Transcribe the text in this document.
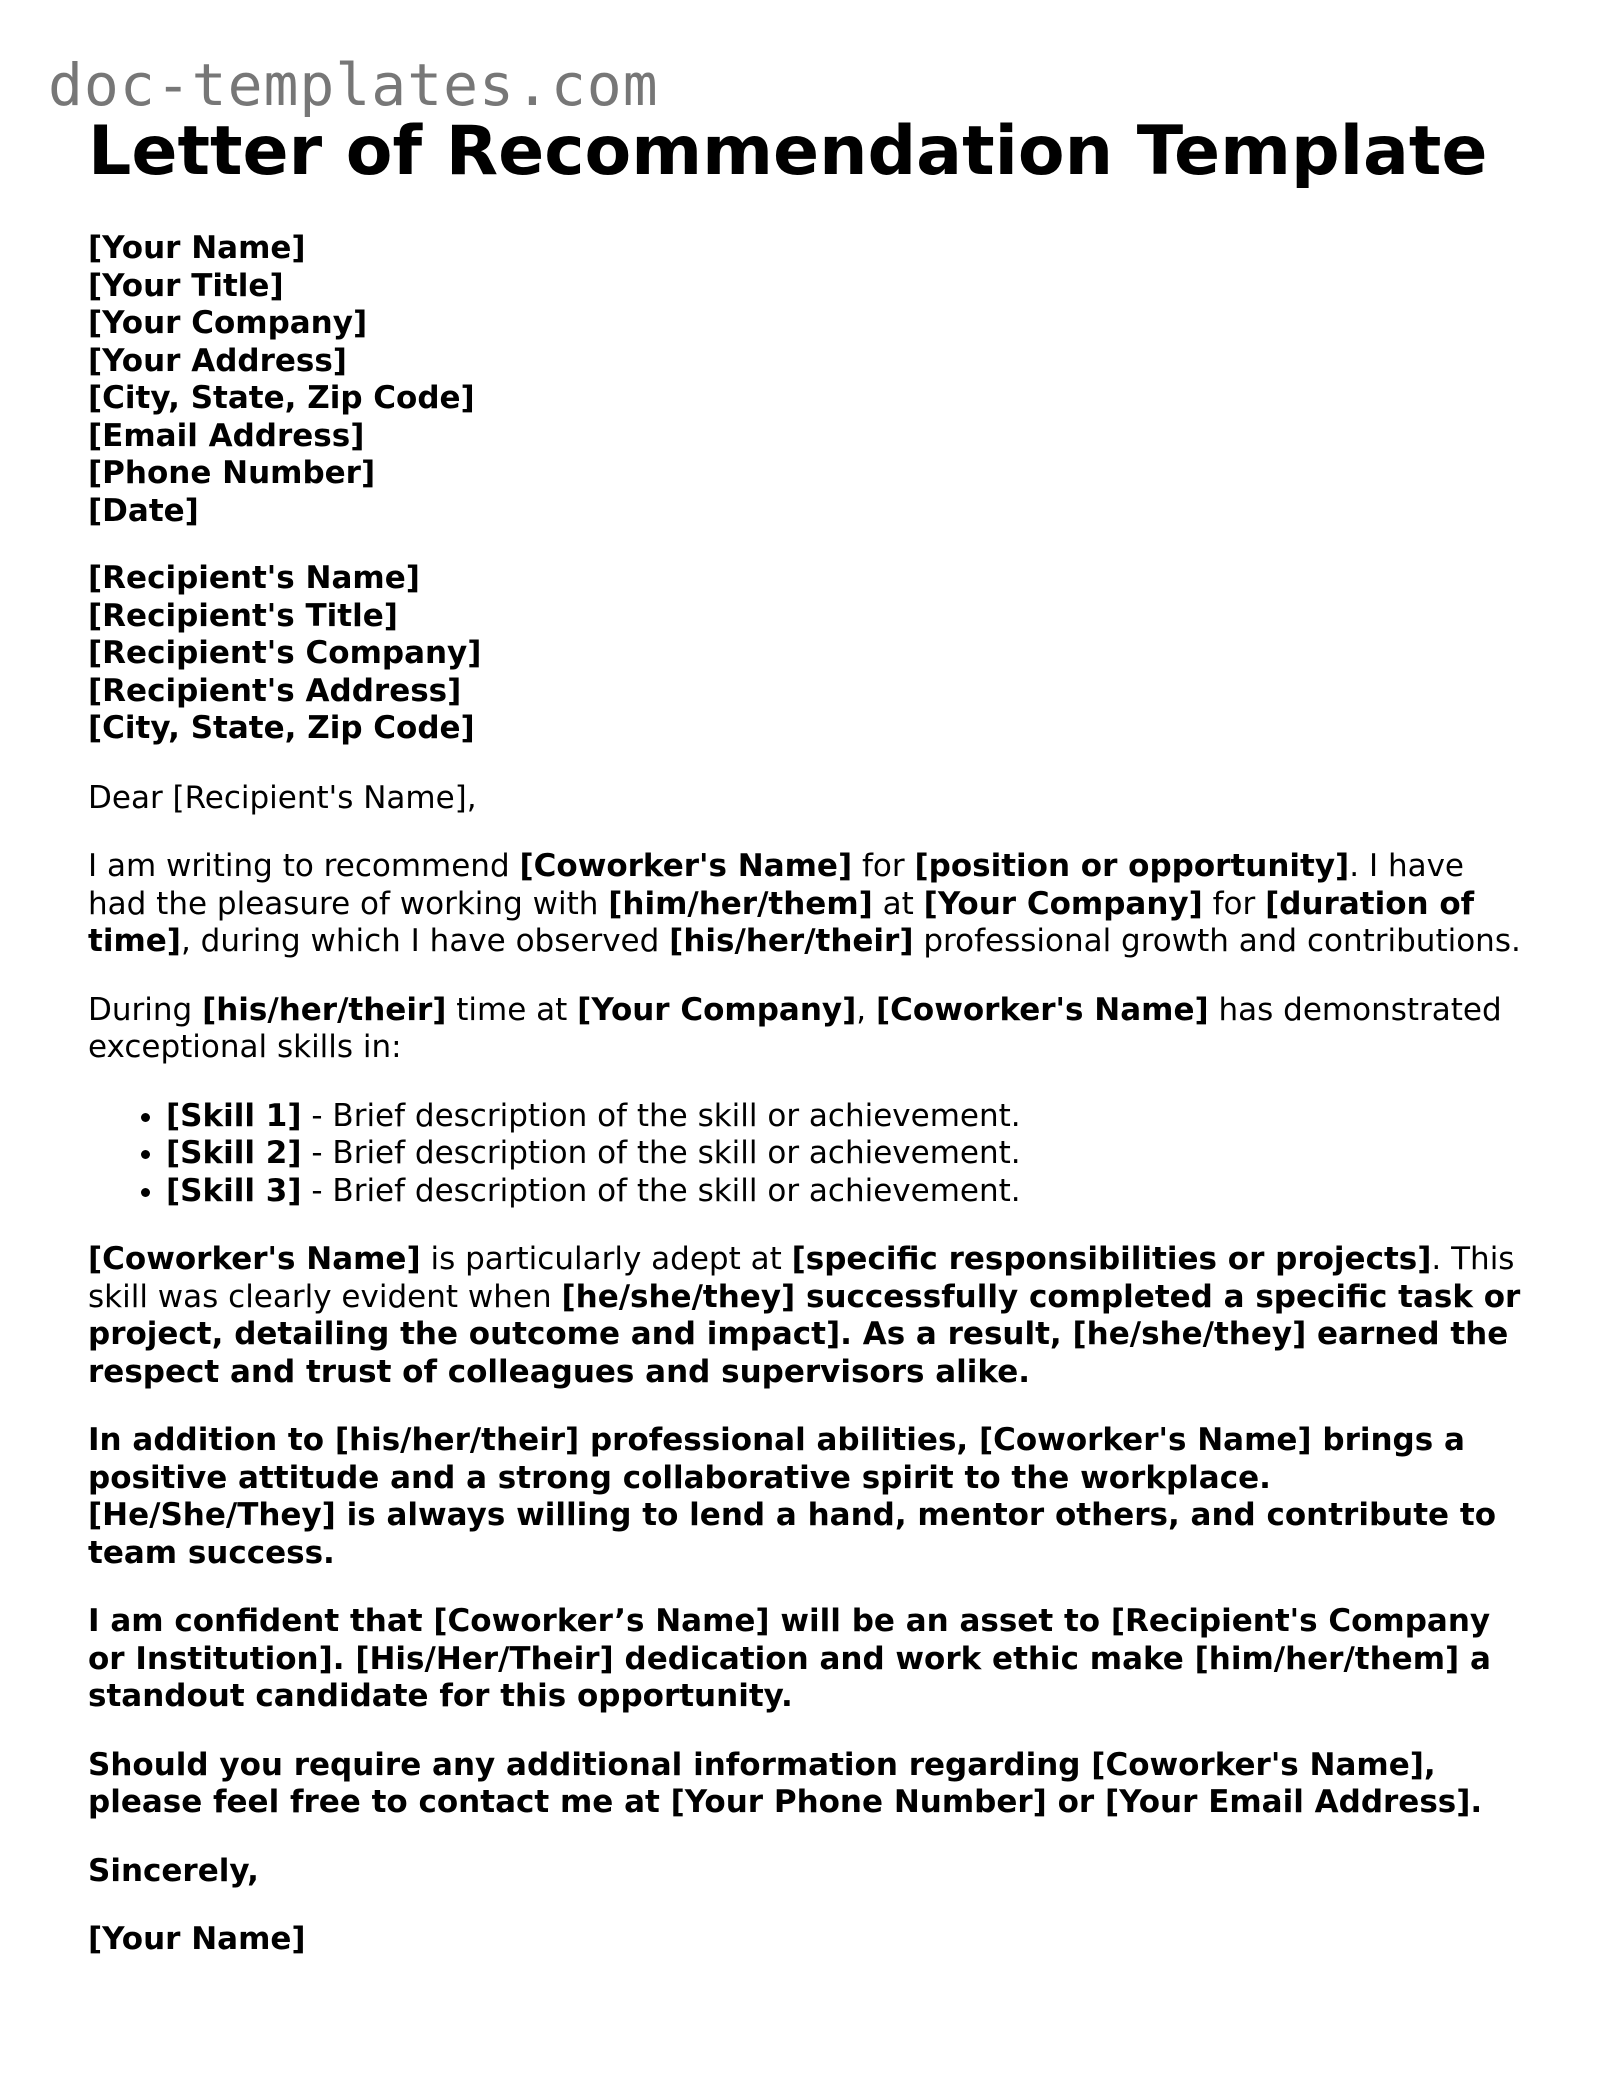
doc-templates.com
Letter of Recommendation Template
[Your Name]
[Your Title]
[Your Company]
[Your Address]
[City, State, Zip Code]
[Email Address]
[Phone Number]
[Date]
[Recipient's Name]
[Recipient's Title]
[Recipient's Company]
[Recipient's Address]
[City, State, Zip Code]
Dear [Recipient's Name],

I am writing to recommend [Coworker's Name] for [position or opportunity]. I have had the pleasure of working with [him/her/them] at [Your Company] for [duration of time], during which I have observed [his/her/their] professional growth and contributions.

During [his/her/their] time at [Your Company], [Coworker's Name] has demonstrated exceptional skills in:

• [Skill 1] - Brief description of the skill or achievement.
• [Skill 2] - Brief description of the skill or achievement.
• [Skill 3] - Brief description of the skill or achievement.

[Coworker's Name] is particularly adept at [specific responsibilities or projects]. This skill was clearly evident when [he/she/they] successfully completed a specific task or project, detailing the outcome and impact]. As a result, [he/she/they] earned the respect and trust of colleagues and supervisors alike.

In addition to [his/her/their] professional abilities, [Coworker's Name] brings a positive attitude and a strong collaborative spirit to the workplace. [He/She/They] is always willing to lend a hand, mentor others, and contribute to team success.

I am confident that [Coworker’s Name] will be an asset to [Recipient's Company or Institution]. [His/Her/Their] dedication and work ethic make [him/her/them] a standout candidate for this opportunity.

Should you require any additional information regarding [Coworker's Name], please feel free to contact me at [Your Phone Number] or [Your Email Address].

Sincerely,

[Your Name]
